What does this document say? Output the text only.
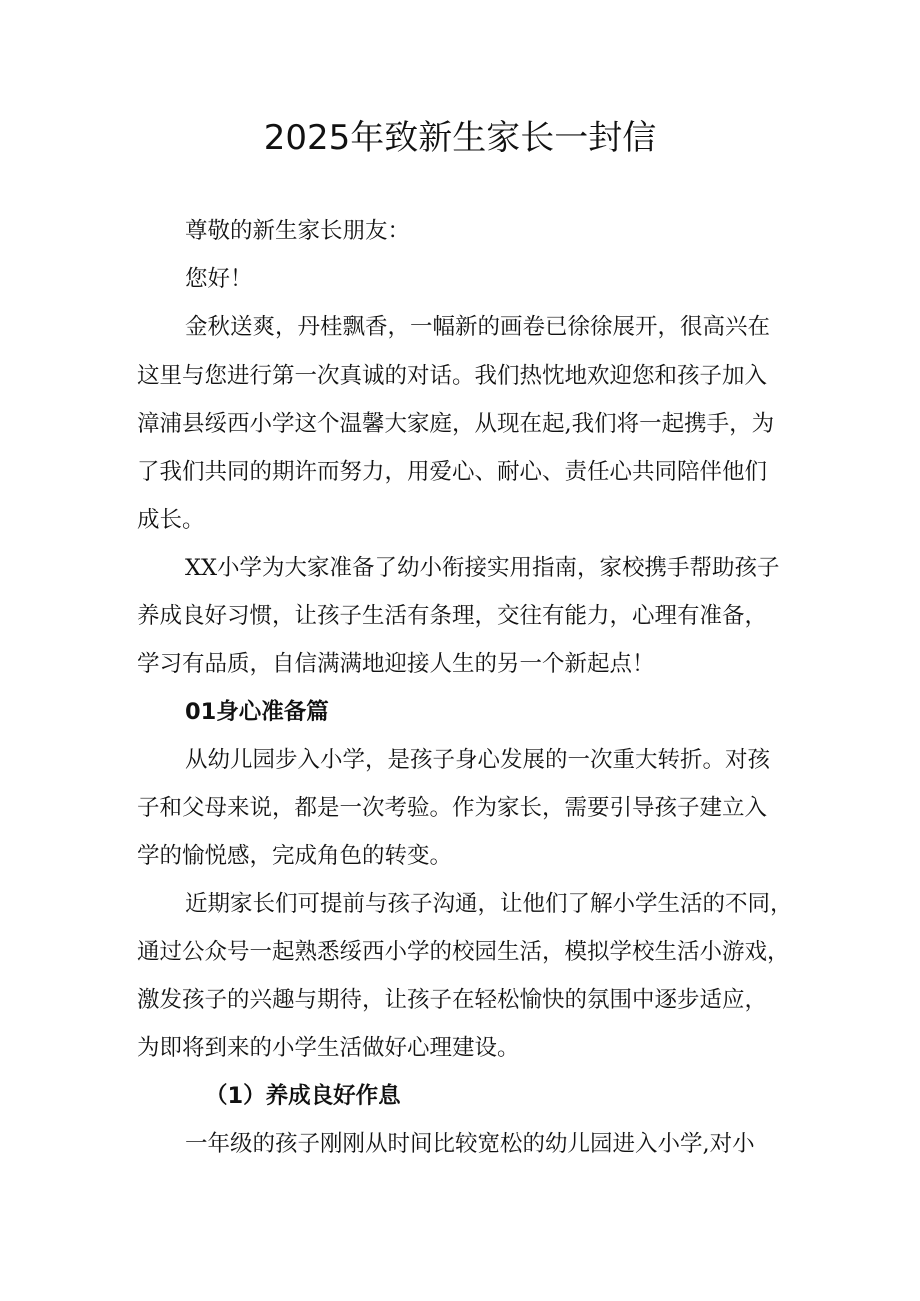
2025年致新生家长一封信
尊敬的新生家长朋友：
您好！
金秋送爽，丹桂飘香，一幅新的画卷已徐徐展开，很高兴在
这里与您进行第一次真诚的对话。我们热忱地欢迎您和孩子加入
漳浦县绥西小学这个温馨大家庭，从现在起,我们将一起携手，为
了我们共同的期许而努力，用爱心、耐心、责任心共同陪伴他们
成长。
XX小学为大家准备了幼小衔接实用指南，家校携手帮助孩子
养成良好习惯，让孩子生活有条理，交往有能力，心理有准备，
学习有品质，自信满满地迎接人生的另一个新起点！
01身心准备篇
从幼儿园步入小学，是孩子身心发展的一次重大转折。对孩
子和父母来说，都是一次考验。作为家长，需要引导孩子建立入
学的愉悦感，完成角色的转变。
近期家长们可提前与孩子沟通，让他们了解小学生活的不同，
通过公众号一起熟悉绥西小学的校园生活，模拟学校生活小游戏，
激发孩子的兴趣与期待，让孩子在轻松愉快的氛围中逐步适应，
为即将到来的小学生活做好心理建设。
（1）养成良好作息
一年级的孩子刚刚从时间比较宽松的幼儿园进入小学,对小
